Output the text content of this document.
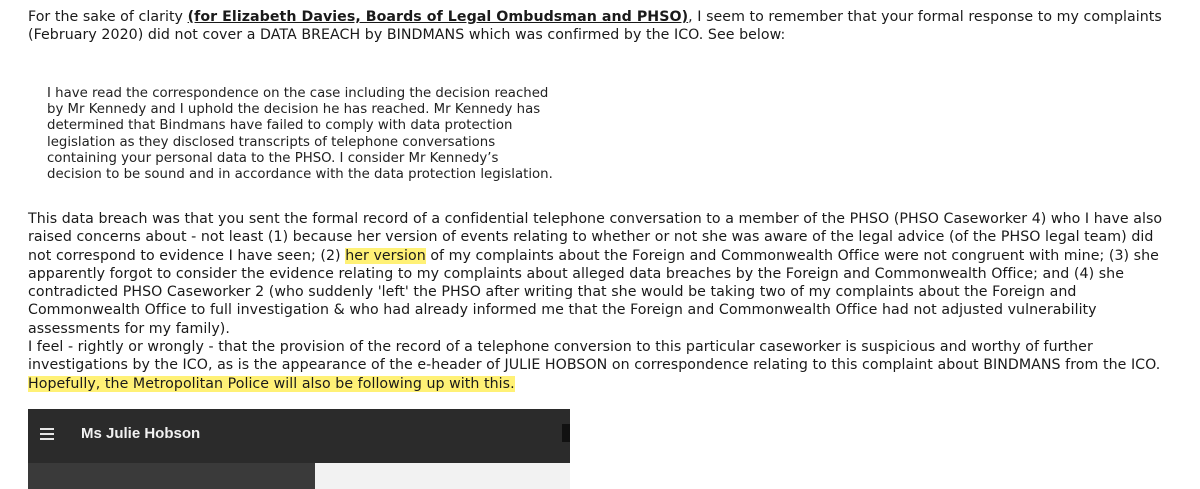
For the sake of clarity (for Elizabeth Davies, Boards of Legal Ombudsman and PHSO), I seem to remember that your formal response to my complaints (February 2020) did not cover a DATA BREACH by BINDMANS which was confirmed by the ICO. See below:
I have read the correspondence on the case including the decision reached by Mr Kennedy and I uphold the decision he has reached. Mr Kennedy has determined that Bindmans have failed to comply with data protection legislation as they disclosed transcripts of telephone conversations containing your personal data to the PHSO. I consider Mr Kennedy’s decision to be sound and in accordance with the data protection legislation.
This data breach was that you sent the formal record of a confidential telephone conversation to a member of the PHSO (PHSO Caseworker 4) who I have also raised concerns about - not least (1) because her version of events relating to whether or not she was aware of the legal advice (of the PHSO legal team) did not correspond to evidence I have seen; (2) her version of my complaints about the Foreign and Commonwealth Office were not congruent with mine; (3) she apparently forgot to consider the evidence relating to my complaints about alleged data breaches by the Foreign and Commonwealth Office; and (4) she contradicted PHSO Caseworker 2 (who suddenly 'left' the PHSO after writing that she would be taking two of my complaints about the Foreign and Commonwealth Office to full investigation & who had already informed me that the Foreign and Commonwealth Office had not adjusted vulnerability assessments for my family).
I feel - rightly or wrongly - that the provision of the record of a telephone conversion to this particular caseworker is suspicious and worthy of further investigations by the ICO, as is the appearance of the e-header of JULIE HOBSON on correspondence relating to this complaint about BINDMANS from the ICO. Hopefully, the Metropolitan Police will also be following up with this.
Ms Julie Hobson
